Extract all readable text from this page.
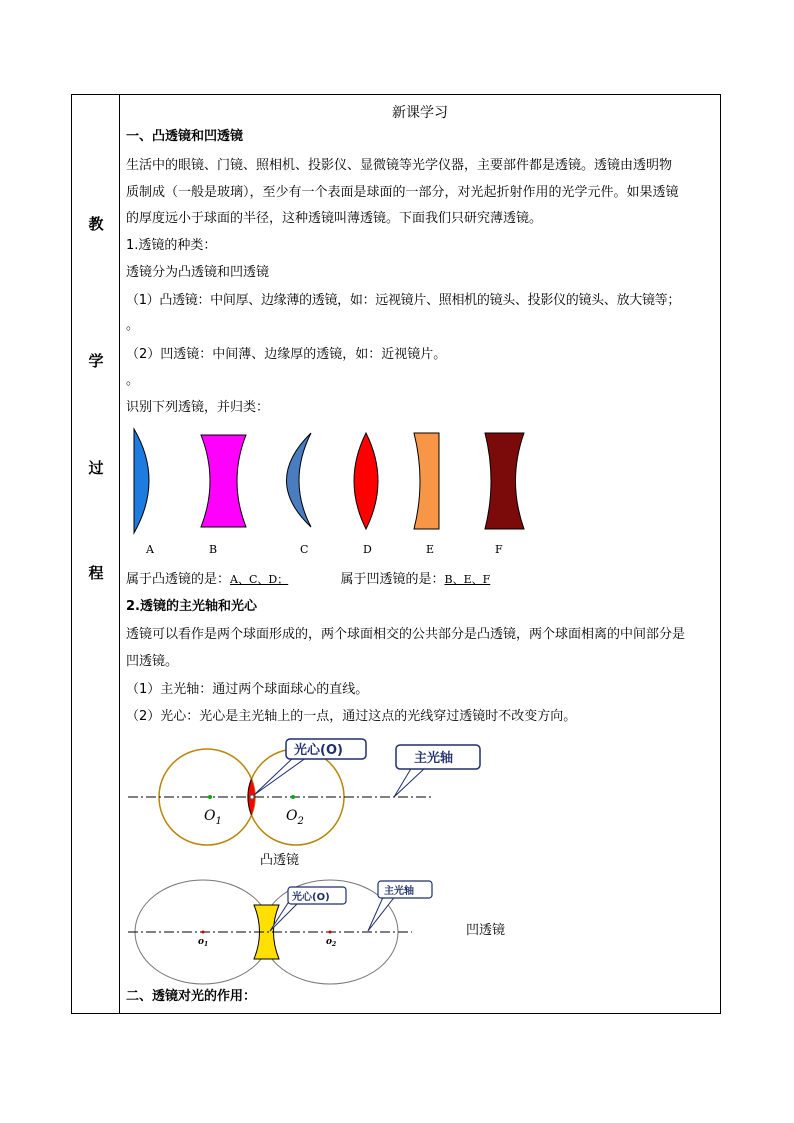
教
学
过
程
新课学习
一、凸透镜和凹透镜
生活中的眼镜、门镜、照相机、投影仪、显微镜等光学仪器，主要部件都是透镜。透镜由透明物
质制成（一般是玻璃），至少有一个表面是球面的一部分，对光起折射作用的光学元件。如果透镜
的厚度远小于球面的半径，这种透镜叫薄透镜。下面我们只研究薄透镜。
1.透镜的种类：
透镜分为凸透镜和凹透镜
（1）凸透镜：中间厚、边缘薄的透镜，如：远视镜片、照相机的镜头、投影仪的镜头、放大镜等；
。
（2）凹透镜：中间薄、边缘厚的透镜，如：近视镜片。
。
识别下列透镜，并归类：
A	B	C	D	E	F
属于凸透镜的是：A、C、D；	属于凹透镜的是：B、E、F
2.透镜的主光轴和光心
透镜可以看作是两个球面形成的，两个球面相交的公共部分是凸透镜，两个球面相离的中间部分是
凹透镜。
（1）主光轴：通过两个球面球心的直线。
（2）光心：光心是主光轴上的一点，通过这点的光线穿过透镜时不改变方向。
$O_1$	$O_2$
光心(O)
主光轴
凸透镜
$o_1$	$o_2$
光心(O)
主光轴
凹透镜
二、透镜对光的作用：
